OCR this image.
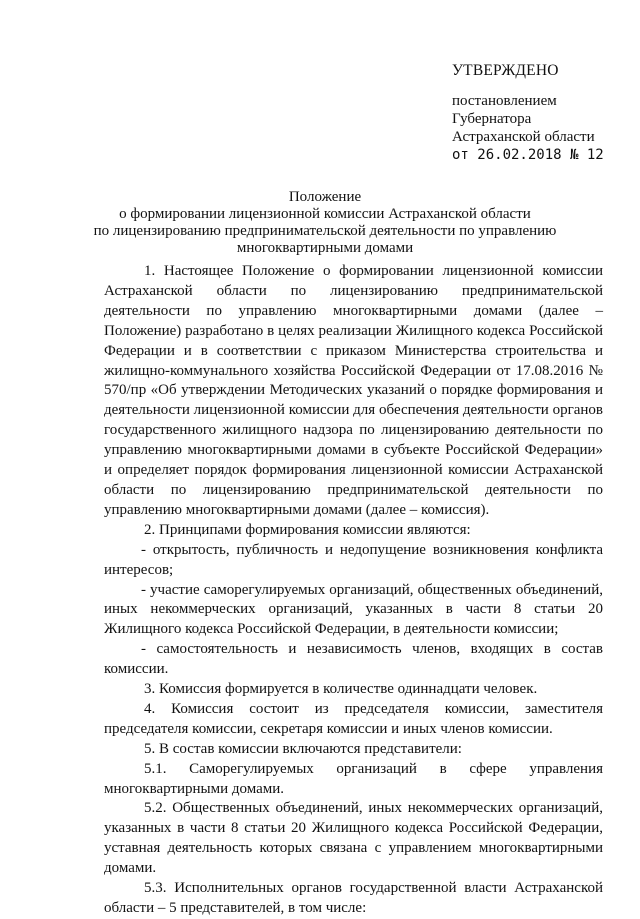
УТВЕРЖДЕНО
постановлением
Губернатора
Астраханской области
от 26.02.2018 № 12
Положение
о формировании лицензионной комиссии Астраханской области
по лицензированию предпринимательской деятельности по управлению
многоквартирными домами

1. Настоящее Положение о формировании лицензионной комиссии Астраханской области по лицензированию предпринимательской деятельности по управлению многоквартирными домами (далее – Положение) разработано в целях реализации Жилищного кодекса Российской Федерации и в соответствии с приказом Министерства строительства и жилищно-коммунального хозяйства Российской Федерации от 17.08.2016 № 570/пр «Об утверждении Методических указаний о порядке формирования и деятельности лицензионной комиссии для обеспечения деятельности органов государственного жилищного надзора по лицензированию деятельности по управлению многоквартирными домами в субъекте Российской Федерации» и определяет порядок формирования лицензионной комиссии Астраханской области по лицензированию предпринимательской деятельности по управлению многоквартирными домами (далее – комиссия).

2. Принципами формирования комиссии являются:

- открытость, публичность и недопущение возникновения конфликта интересов;

- участие саморегулируемых организаций, общественных объединений, иных некоммерческих организаций, указанных в части 8 статьи 20 Жилищного кодекса Российской Федерации, в деятельности комиссии;

- самостоятельность и независимость членов, входящих в состав комиссии.

3. Комиссия формируется в количестве одиннадцати человек.

4. Комиссия состоит из председателя комиссии, заместителя председателя комиссии, секретаря комиссии и иных членов комиссии.

5. В состав комиссии включаются представители:

5.1. Саморегулируемых организаций в сфере управления многоквартирными домами.

5.2. Общественных объединений, иных некоммерческих организаций, указанных в части 8 статьи 20 Жилищного кодекса Российской Федерации, уставная деятельность которых связана с управлением многоквартирными домами.

5.3. Исполнительных органов государственной власти Астраханской области – 5 представителей, в том числе:
